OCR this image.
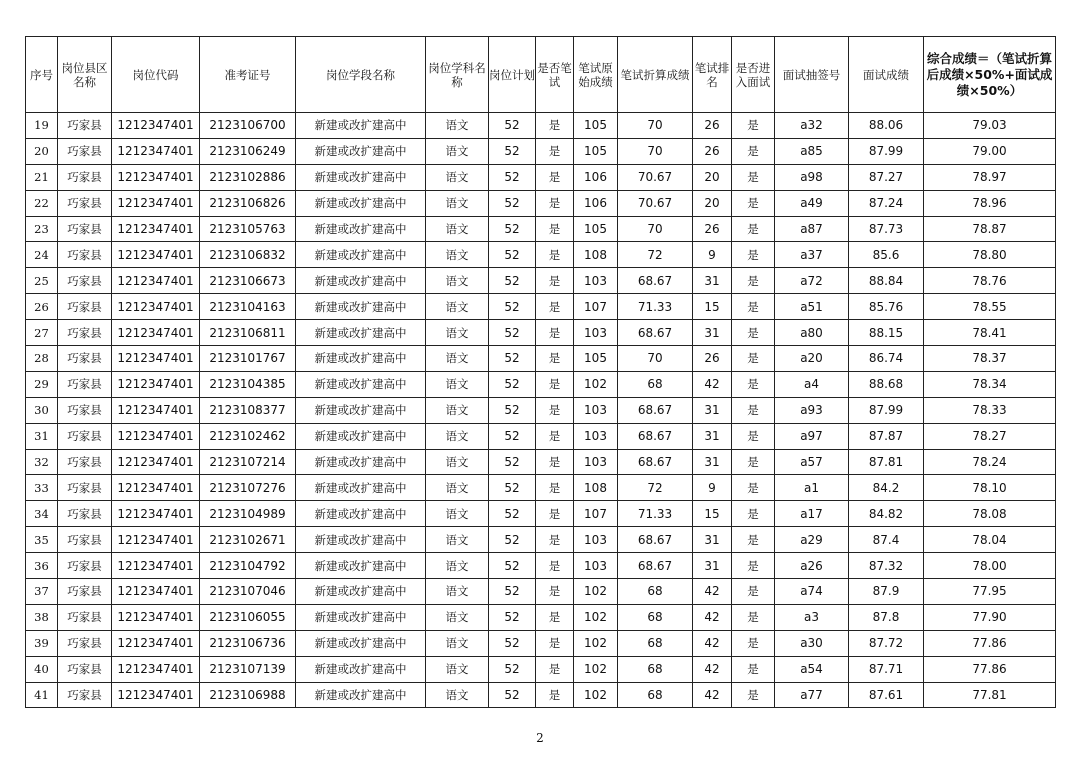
序号	岗位县区名称	岗位代码	准考证号	岗位学段名称	岗位学科名称	岗位计划	是否笔试	笔试原始成绩	笔试折算成绩	笔试排名	是否进入面试	面试抽签号	面试成绩	综合成绩＝（笔试折算后成绩×50%+面试成绩×50%）
19	巧家县	1212347401	2123106700	新建或改扩建高中	语文	52	是	105	70	26	是	a32	88.06	79.03
20	巧家县	1212347401	2123106249	新建或改扩建高中	语文	52	是	105	70	26	是	a85	87.99	79.00
21	巧家县	1212347401	2123102886	新建或改扩建高中	语文	52	是	106	70.67	20	是	a98	87.27	78.97
22	巧家县	1212347401	2123106826	新建或改扩建高中	语文	52	是	106	70.67	20	是	a49	87.24	78.96
23	巧家县	1212347401	2123105763	新建或改扩建高中	语文	52	是	105	70	26	是	a87	87.73	78.87
24	巧家县	1212347401	2123106832	新建或改扩建高中	语文	52	是	108	72	9	是	a37	85.6	78.80
25	巧家县	1212347401	2123106673	新建或改扩建高中	语文	52	是	103	68.67	31	是	a72	88.84	78.76
26	巧家县	1212347401	2123104163	新建或改扩建高中	语文	52	是	107	71.33	15	是	a51	85.76	78.55
27	巧家县	1212347401	2123106811	新建或改扩建高中	语文	52	是	103	68.67	31	是	a80	88.15	78.41
28	巧家县	1212347401	2123101767	新建或改扩建高中	语文	52	是	105	70	26	是	a20	86.74	78.37
29	巧家县	1212347401	2123104385	新建或改扩建高中	语文	52	是	102	68	42	是	a4	88.68	78.34
30	巧家县	1212347401	2123108377	新建或改扩建高中	语文	52	是	103	68.67	31	是	a93	87.99	78.33
31	巧家县	1212347401	2123102462	新建或改扩建高中	语文	52	是	103	68.67	31	是	a97	87.87	78.27
32	巧家县	1212347401	2123107214	新建或改扩建高中	语文	52	是	103	68.67	31	是	a57	87.81	78.24
33	巧家县	1212347401	2123107276	新建或改扩建高中	语文	52	是	108	72	9	是	a1	84.2	78.10
34	巧家县	1212347401	2123104989	新建或改扩建高中	语文	52	是	107	71.33	15	是	a17	84.82	78.08
35	巧家县	1212347401	2123102671	新建或改扩建高中	语文	52	是	103	68.67	31	是	a29	87.4	78.04
36	巧家县	1212347401	2123104792	新建或改扩建高中	语文	52	是	103	68.67	31	是	a26	87.32	78.00
37	巧家县	1212347401	2123107046	新建或改扩建高中	语文	52	是	102	68	42	是	a74	87.9	77.95
38	巧家县	1212347401	2123106055	新建或改扩建高中	语文	52	是	102	68	42	是	a3	87.8	77.90
39	巧家县	1212347401	2123106736	新建或改扩建高中	语文	52	是	102	68	42	是	a30	87.72	77.86
40	巧家县	1212347401	2123107139	新建或改扩建高中	语文	52	是	102	68	42	是	a54	87.71	77.86
41	巧家县	1212347401	2123106988	新建或改扩建高中	语文	52	是	102	68	42	是	a77	87.61	77.81
2
